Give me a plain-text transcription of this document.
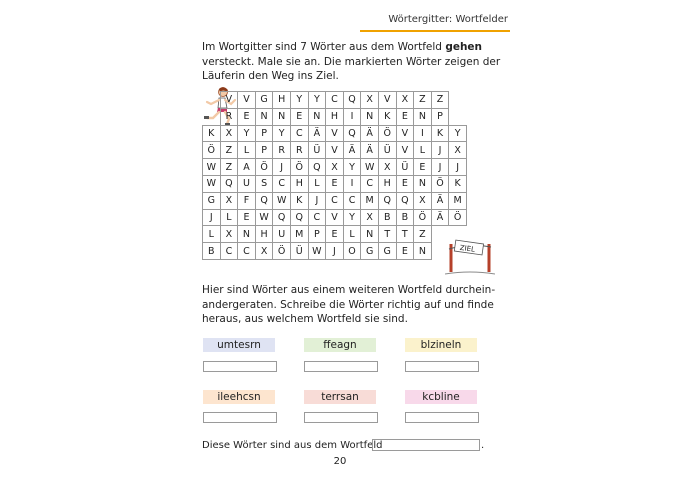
Wörtergitter: Wortfelder
Im Wortgitter sind 7 Wörter aus dem Wortfeld gehen
versteckt. Male sie an. Die markierten Wörter zeigen der
Läuferin den Weg ins Ziel.
	V	V	G	H	Y	Y	C	Q	X	V	X	Z	Z	
	R	E	N	N	E	N	H	I	N	K	E	N	P	
K	X	Y	P	Y	C	Ä	V	Q	Ä	Ö	V	I	K	Y
Ö	Z	L	P	R	R	Ü	V	Ä	Ä	Ü	V	L	J	X
W	Z	A	Ö	J	Ö	Q	X	Y	W	X	Ü	E	J	J
W	Q	U	S	C	H	L	E	I	C	H	E	N	Ö	K
G	X	F	Q	W	K	J	C	C	M	Q	Q	X	Ä	M
J	L	E	W	Q	Q	C	V	Y	X	B	B	Ö	Ä	Ö
L	X	N	H	U	M	P	E	L	N	T	T	Z		
B	C	C	X	Ö	Ü	W	J	O	G	G	E	N			ZIEL
Hier sind Wörter aus einem weiteren Wortfeld durchein-
andergeraten. Schreibe die Wörter richtig auf und finde
heraus, aus welchem Wortfeld sie sind.
umtesrn	ffeagn	blzineln
ileehcsn	terrsan	kcbline
Diese Wörter sind aus dem Wortfeld	.
20
